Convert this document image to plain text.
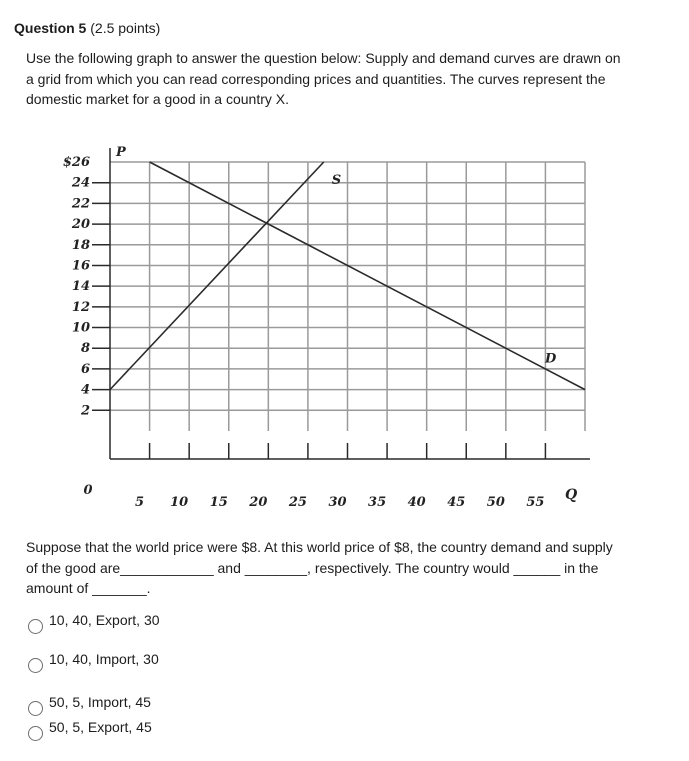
Question 5 (2.5 points)
Use the following graph to answer the question below: Supply and demand curves are drawn on a grid from which you can read corresponding prices and quantities. The curves represent the domestic market for a good in a country X.
$26
24
22
20
18
16
14
12
10
8
6
4
2
5 10 15 20 25 30 35 40 45 50 55
0
P
Q
S
D
Suppose that the world price were $8. At this world price of $8, the country demand and supply of the good are____________ and ________, respectively. The country would ______ in the amount of _______.
10, 40, Export, 30
10, 40, Import, 30
50, 5, Import, 45
50, 5, Export, 45
